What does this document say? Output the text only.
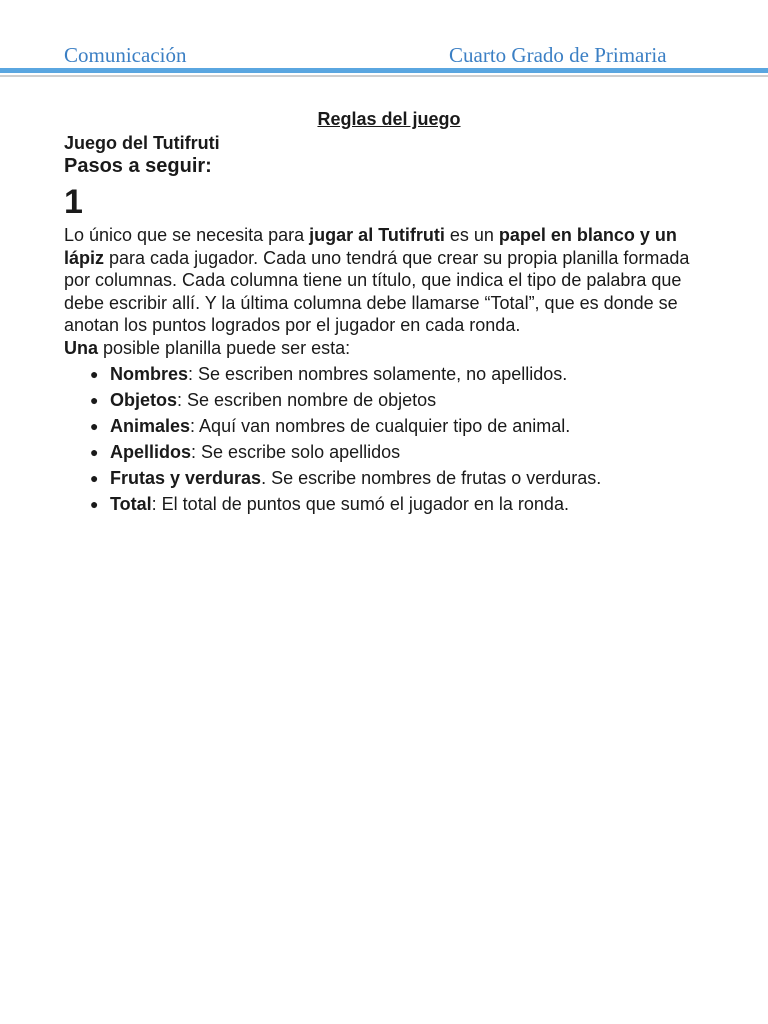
Comunicación	Cuarto Grado de Primaria

Reglas del juego

Juego del Tutifruti

Pasos a seguir:

1

Lo único que se necesita para jugar al Tutifruti es un papel en blanco y un lápiz para cada jugador. Cada uno tendrá que crear su propia planilla formada por columnas. Cada columna tiene un título, que indica el tipo de palabra que debe escribir allí. Y la última columna debe llamarse “Total”, que es donde se anotan los puntos logrados por el jugador en cada ronda.

Una posible planilla puede ser esta:

● Nombres: Se escriben nombres solamente, no apellidos.
● Objetos: Se escriben nombre de objetos
● Animales: Aquí van nombres de cualquier tipo de animal.
● Apellidos: Se escribe solo apellidos
● Frutas y verduras. Se escribe nombres de frutas o verduras.
● Total: El total de puntos que sumó el jugador en la ronda.
